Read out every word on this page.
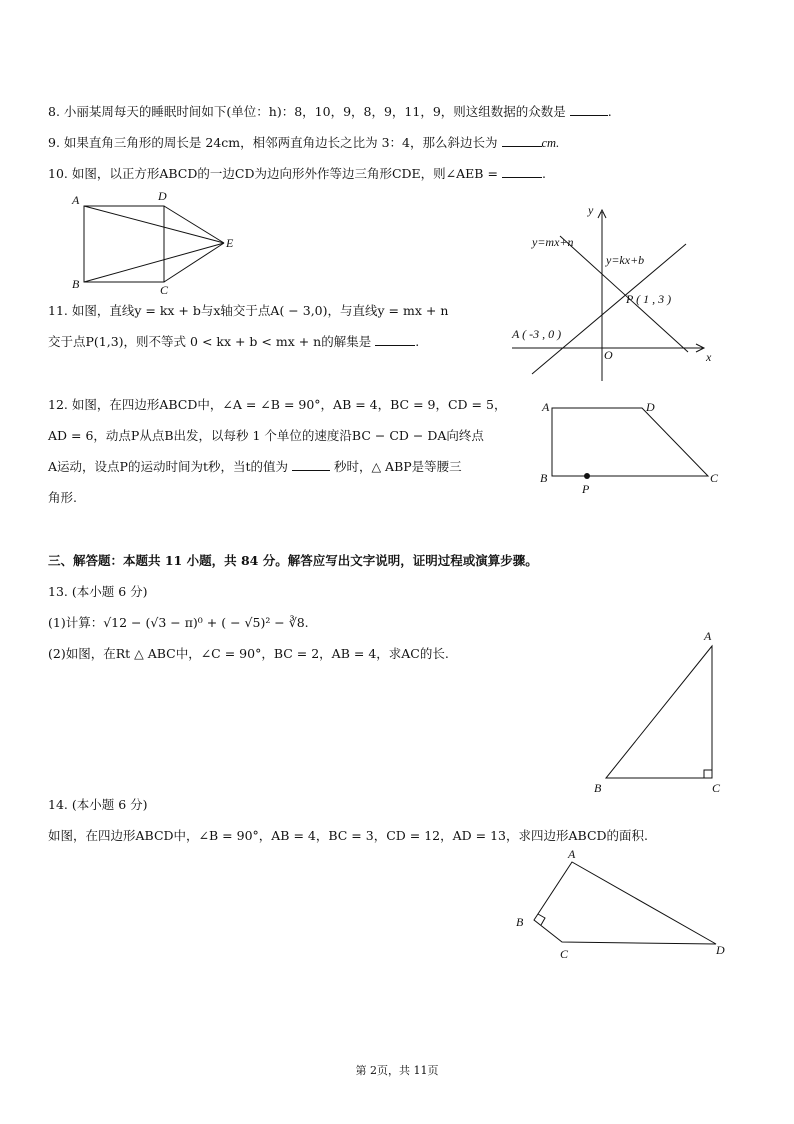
8. 小丽某周每天的睡眠时间如下(单位：h)：8，10，9，8，9，11，9，则这组数据的众数是	.
9. 如果直角三角形的周长是 24cm，相邻两直角边长之比为 3：4，那么斜边长为	cm.
10. 如图，以正方形ABCD的一边CD为边向形外作等边三角形CDE，则∠AEB =	.
A	D
E
B	C
y
x
O
y=mx+n
y=kx+b
P ( 1 , 3 )
A ( -3 , 0 )
11. 如图，直线y = kx + b与x轴交于点A( − 3,0)，与直线y = mx + n
交于点P(1,3)，则不等式 0 < kx + b < mx + n的解集是	.
12. 如图，在四边形ABCD中，∠A = ∠B = 90°，AB = 4，BC = 9，CD = 5，
AD = 6，动点P从点B出发，以每秒 1 个单位的速度沿BC − CD − DA向终点
A运动，设点P的运动时间为t秒，当t的值为	秒时，△ ABP是等腰三
角形.
A	D
B	C
P
三、解答题：本题共 11 小题，共 84 分。解答应写出文字说明，证明过程或演算步骤。
13. (本小题 6 分)
(1)计算：√12 − (√3 − π)⁰ + ( − √5)² − ∛8.
(2)如图，在Rt △ ABC中，∠C = 90°，BC = 2，AB = 4，求AC的长.
A
B	C
14. (本小题 6 分)
如图，在四边形ABCD中，∠B = 90°，AB = 4，BC = 3，CD = 12，AD = 13，求四边形ABCD的面积.
A
B
C	D
第 2页，共 11页
